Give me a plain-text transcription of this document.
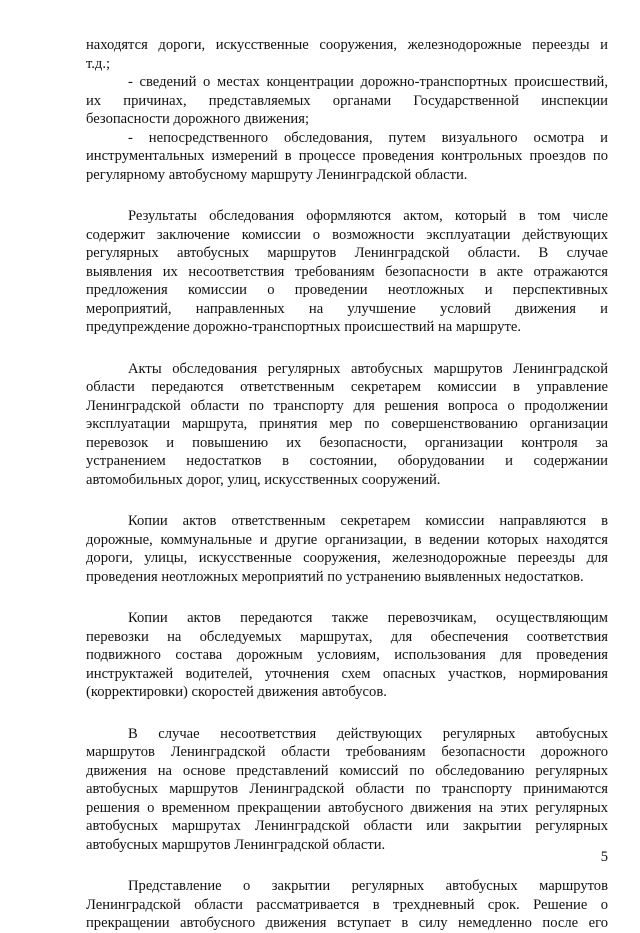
находятся дороги, искусственные сооружения, железнодорожные переезды и
т.д.;
- сведений о местах концентрации дорожно-транспортных происшествий,
их причинах, представляемых органами Государственной инспекции
безопасности дорожного движения;
- непосредственного обследования, путем визуального осмотра и
инструментальных измерений в процессе проведения контрольных проездов по
регулярному автобусному маршруту Ленинградской области.
Результаты обследования оформляются актом, который в том числе
содержит заключение комиссии о возможности эксплуатации действующих
регулярных автобусных маршрутов Ленинградской области. В случае
выявления их несоответствия требованиям безопасности в акте отражаются
предложения комиссии о проведении неотложных и перспективных
мероприятий, направленных на улучшение условий движения и
предупреждение дорожно-транспортных происшествий на маршруте.
Акты обследования регулярных автобусных маршрутов Ленинградской
области передаются ответственным секретарем комиссии в управление
Ленинградской области по транспорту для решения вопроса о продолжении
эксплуатации маршрута, принятия мер по совершенствованию организации
перевозок и повышению их безопасности, организации контроля за
устранением недостатков в состоянии, оборудовании и содержании
автомобильных дорог, улиц, искусственных сооружений.
Копии актов ответственным секретарем комиссии направляются в
дорожные, коммунальные и другие организации, в ведении которых находятся
дороги, улицы, искусственные сооружения, железнодорожные переезды для
проведения неотложных мероприятий по устранению выявленных недостатков.
Копии актов передаются также перевозчикам, осуществляющим
перевозки на обследуемых маршрутах, для обеспечения соответствия
подвижного состава дорожным условиям, использования для проведения
инструктажей водителей, уточнения схем опасных участков, нормирования
(корректировки) скоростей движения автобусов.
В случае несоответствия действующих регулярных автобусных
маршрутов Ленинградской области требованиям безопасности дорожного
движения на основе представлений комиссий по обследованию регулярных
автобусных маршрутов Ленинградской области по транспорту принимаются
решения о временном прекращении автобусного движения на этих регулярных
автобусных маршрутах Ленинградской области или закрытии регулярных
автобусных маршрутов Ленинградской области.
Представление о закрытии регулярных автобусных маршрутов
Ленинградской области рассматривается в трехдневный срок. Решение о
прекращении автобусного движения вступает в силу немедленно после его
5
